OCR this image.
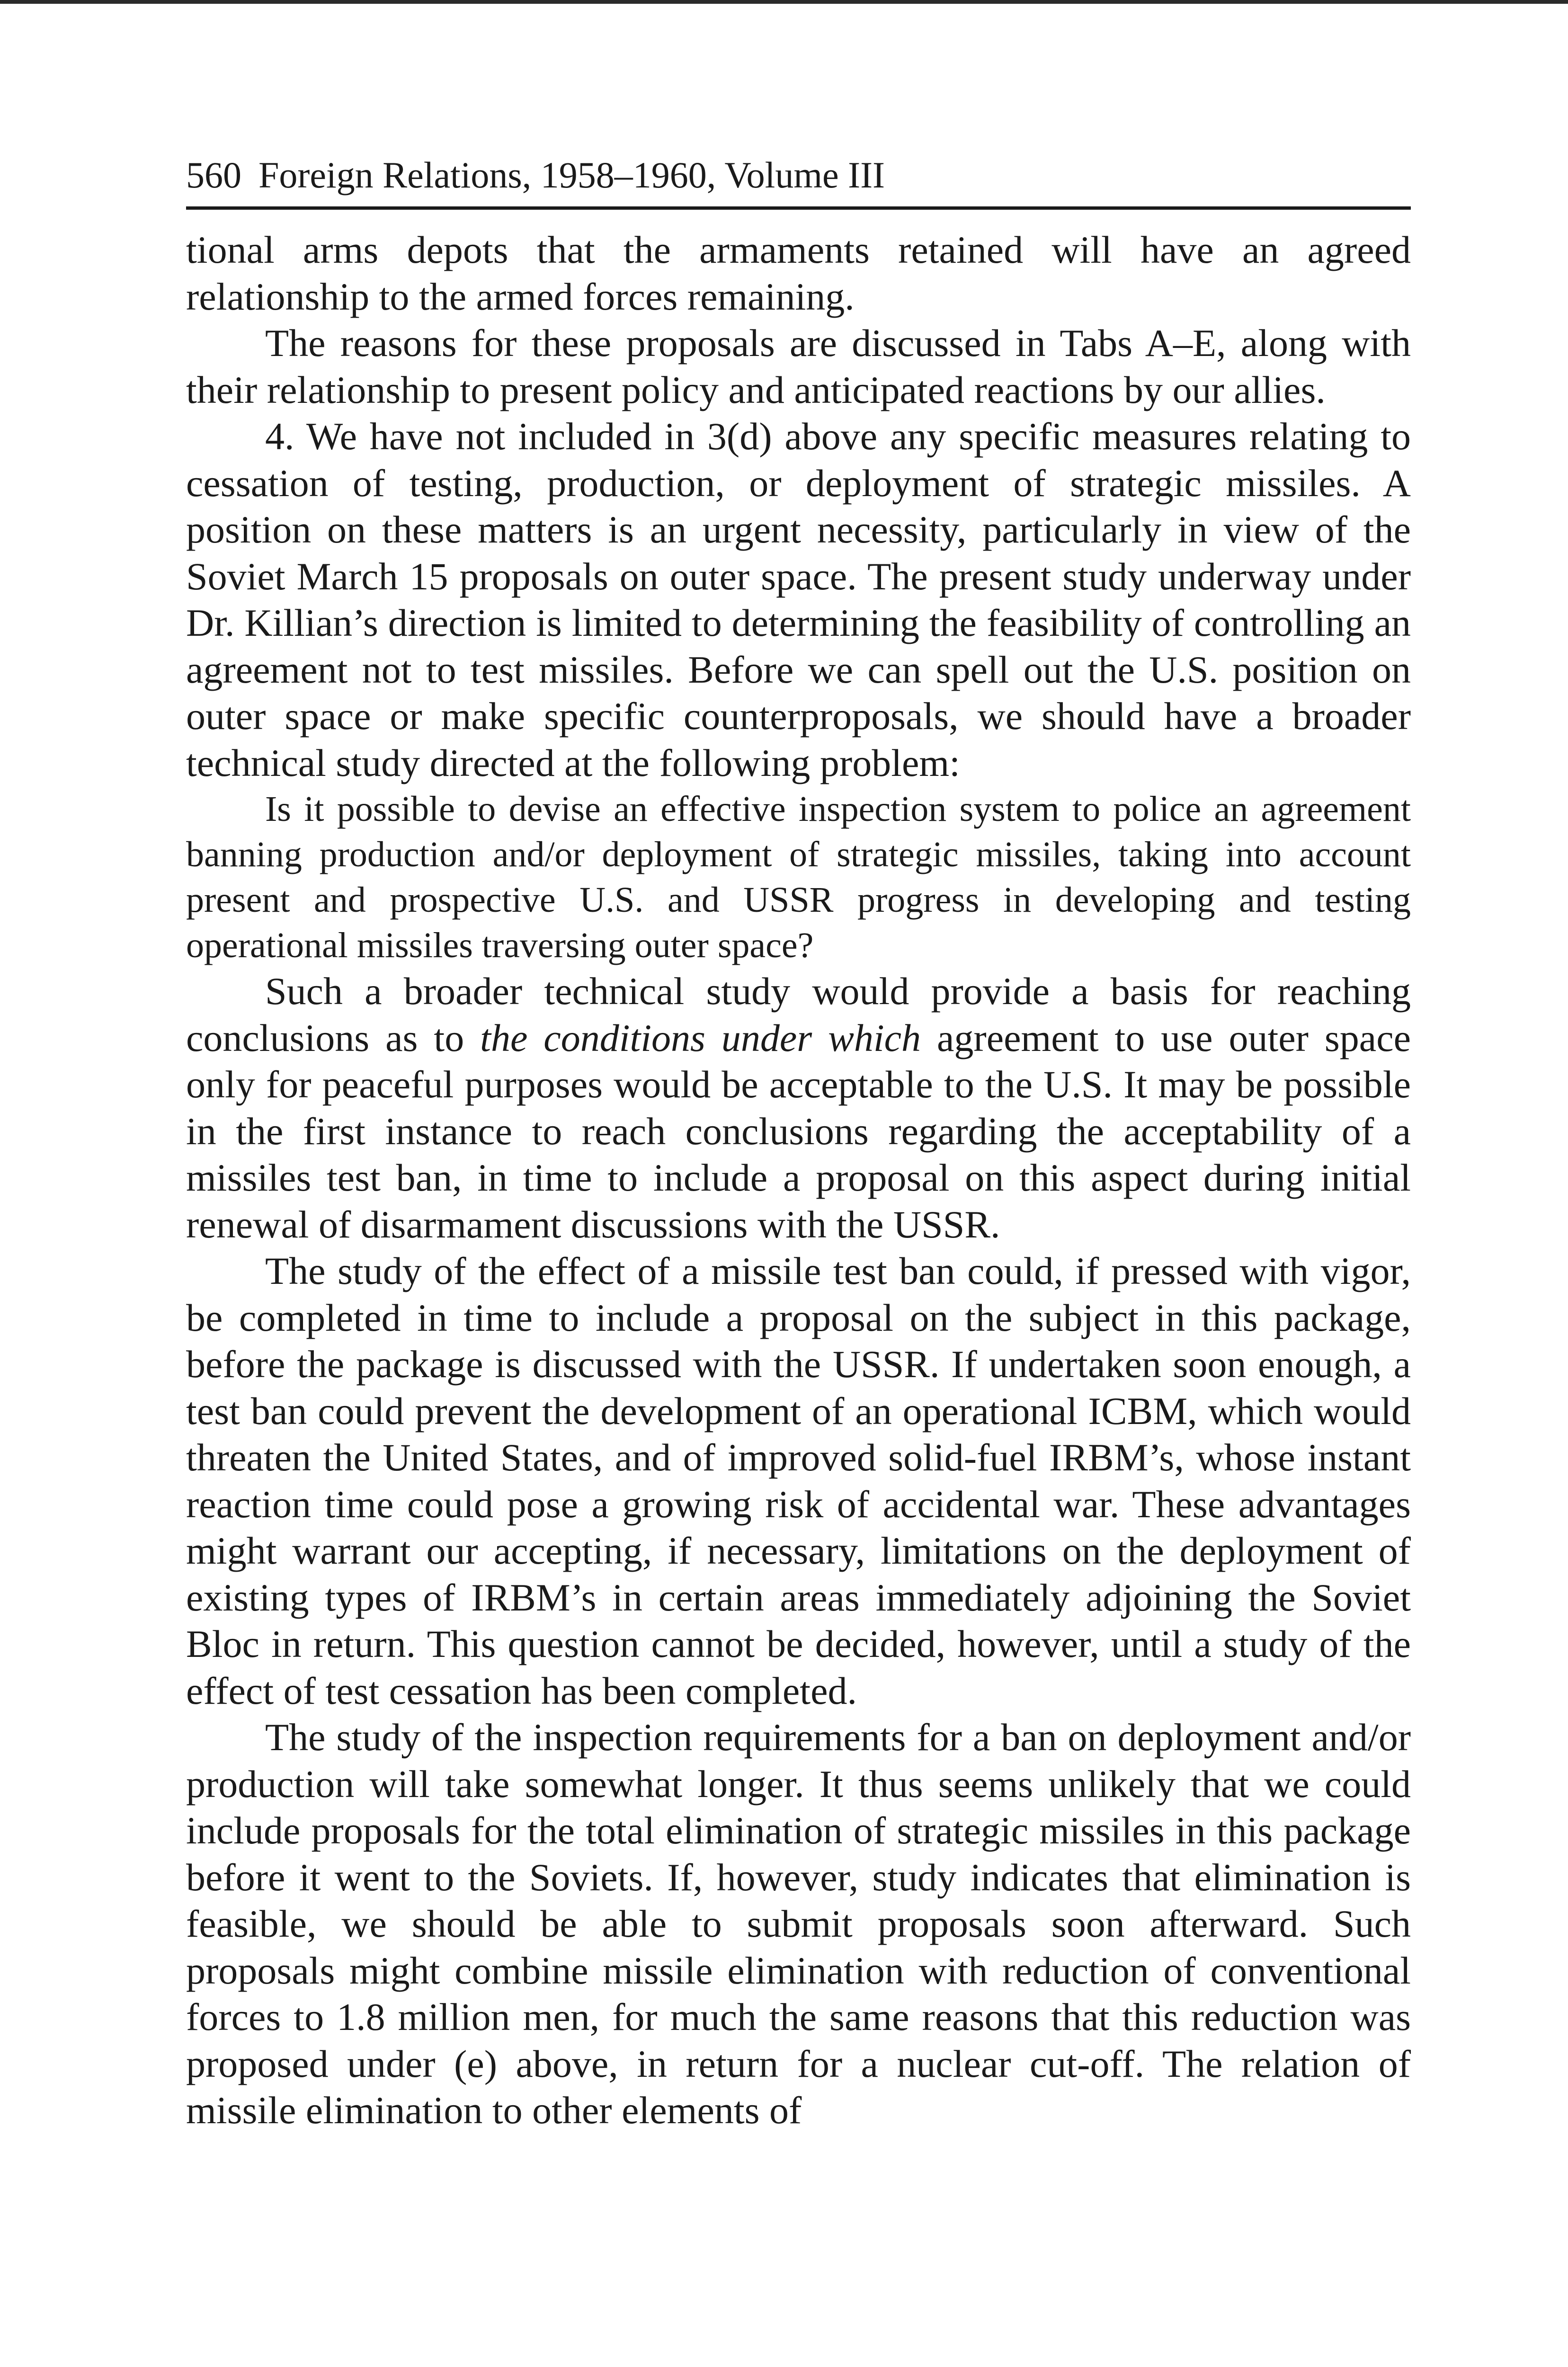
560 Foreign Relations, 1958–1960, Volume III

tional arms depots that the armaments retained will have an agreed relationship to the armed forces remaining.

The reasons for these proposals are discussed in Tabs A–E, along with their relationship to present policy and anticipated reactions by our allies.

4. We have not included in 3(d) above any specific measures relating to cessation of testing, production, or deployment of strategic missiles. A position on these matters is an urgent necessity, particularly in view of the Soviet March 15 proposals on outer space. The present study underway under Dr. Killian’s direction is limited to determining the feasibility of controlling an agreement not to test missiles. Before we can spell out the U.S. position on outer space or make specific counterproposals, we should have a broader technical study directed at the following problem:

Is it possible to devise an effective inspection system to police an agreement banning production and/or deployment of strategic missiles, taking into account present and prospective U.S. and USSR progress in developing and testing operational missiles traversing outer space?

Such a broader technical study would provide a basis for reaching conclusions as to the conditions under which agreement to use outer space only for peaceful purposes would be acceptable to the U.S. It may be possible in the first instance to reach conclusions regarding the acceptability of a missiles test ban, in time to include a proposal on this aspect during initial renewal of disarmament discussions with the USSR.

The study of the effect of a missile test ban could, if pressed with vigor, be completed in time to include a proposal on the subject in this package, before the package is discussed with the USSR. If undertaken soon enough, a test ban could prevent the development of an operational ICBM, which would threaten the United States, and of improved solid-fuel IRBM’s, whose instant reaction time could pose a growing risk of accidental war. These advantages might warrant our accepting, if necessary, limitations on the deployment of existing types of IRBM’s in certain areas immediately adjoining the Soviet Bloc in return. This question cannot be decided, however, until a study of the effect of test cessation has been completed.

The study of the inspection requirements for a ban on deployment and/or production will take somewhat longer. It thus seems unlikely that we could include proposals for the total elimination of strategic missiles in this package before it went to the Soviets. If, however, study indicates that elimination is feasible, we should be able to submit proposals soon afterward. Such proposals might combine missile elimination with reduction of conventional forces to 1.8 million men, for much the same reasons that this reduction was proposed under (e) above, in return for a nuclear cut-off. The relation of missile elimination to other elements of
